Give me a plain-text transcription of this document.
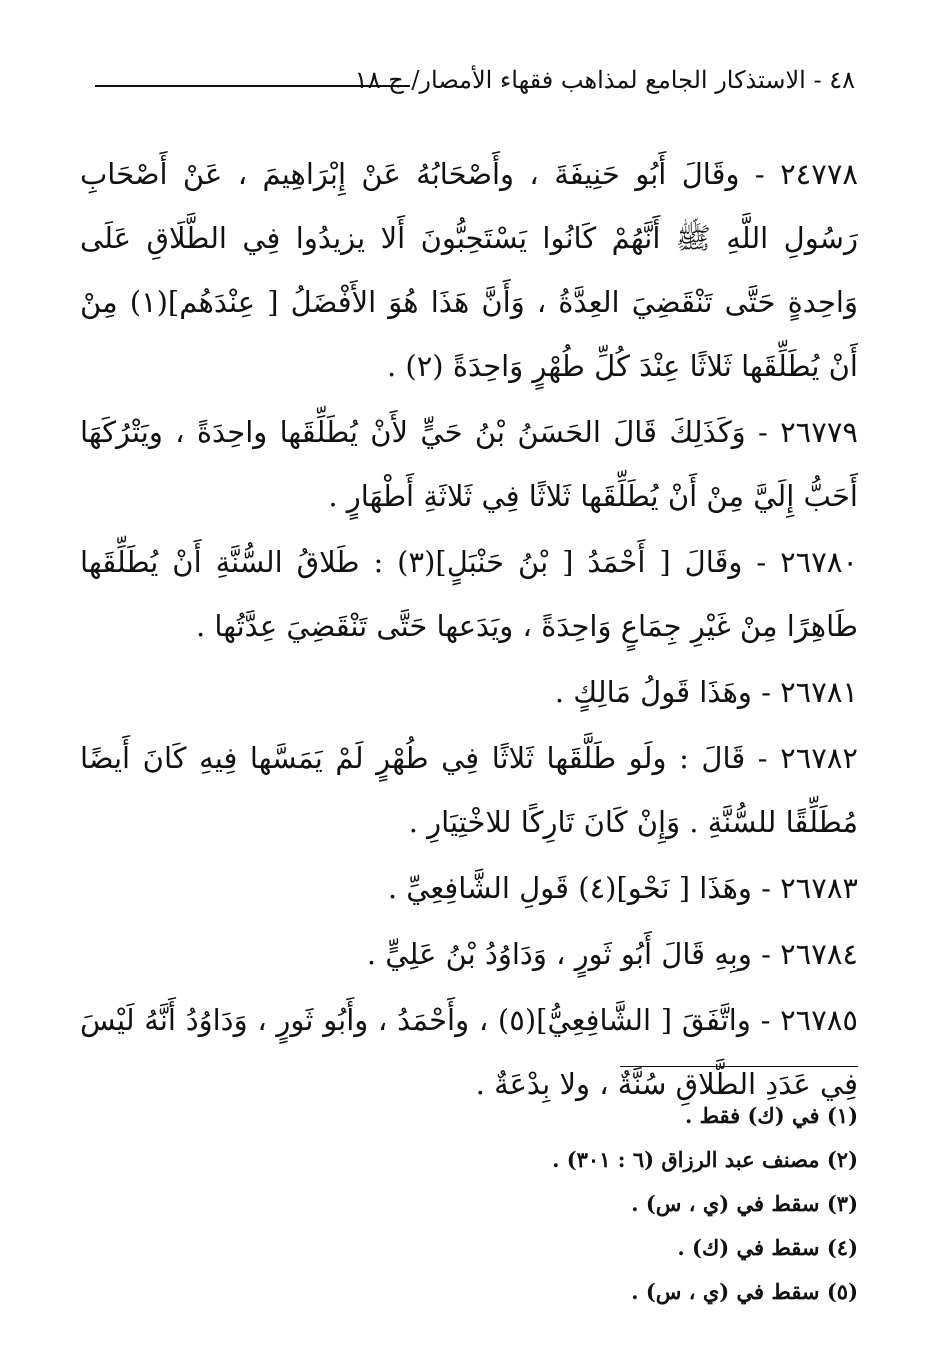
٤٨ - الاستذكار الجامع لمذاهب فقهاء الأمصار/ ج ١٨

٢٤٧٧٨ - وقَالَ أَبُو حَنِيفَةَ ، وأَصْحَابُهُ عَنْ إِبْرَاهِيمَ ، عَنْ أَصْحَابِ رَسُولِ اللَّهِ ﷺ أَنَّهُمْ كَانُوا يَسْتَحِبُّونَ أَلا يزيدُوا فِي الطَّلَاقِ عَلَى وَاحِدةٍ حَتَّى تَنْقَضِيَ العِدَّةُ ، وَأَنَّ هَذَا هُوَ الأَفْضَلُ [ عِنْدَهُم](١) مِنْ أَنْ يُطَلِّقَها ثَلاثًا عِنْدَ كُلِّ طُهْرٍ وَاحِدَةً (٢) .

٢٦٧٧٩ - وَكَذَلِكَ قَالَ الحَسَنُ بْنُ حَيٍّ لأَنْ يُطَلِّقَها واحِدَةً ، ويَتْرُكَهَا أَحَبُّ إِلَيَّ مِنْ أَنْ يُطَلِّقَها ثَلاثًا فِي ثَلاثَةِ أَطْهَارٍ .

٢٦٧٨٠ - وقَالَ [ أَحْمَدُ [ بْنُ حَنْبَلٍ](٣) : طَلاقُ السُّنَّةِ أَنْ يُطَلِّقَها طَاهِرًا مِنْ غَيْرِ جِمَاعٍ وَاحِدَةً ، ويَدَعها حَتَّى تَنْقَضِيَ عِدَّتُها .

٢٦٧٨١ - وهَذَا قَولُ مَالِكٍ .

٢٦٧٨٢ - قَالَ : ولَو طَلَّقَها ثَلاثًا فِي طُهْرٍ لَمْ يَمَسَّها فِيهِ كَانَ أَيضًا مُطَلِّقًا للسُّنَّةِ . وَإِنْ كَانَ تَارِكًا للاخْتِيَارِ .

٢٦٧٨٣ - وهَذَا [ نَحْو](٤) قَولِ الشَّافِعِيِّ .

٢٦٧٨٤ - وبِهِ قَالَ أَبُو ثَورٍ ، وَدَاوُدُ بْنُ عَلِيٍّ .

٢٦٧٨٥ - واتَّفَقَ [ الشَّافِعِيُّ](٥) ، وأَحْمَدُ ، وأَبُو ثَورٍ ، وَدَاوُدُ أَنَّهُ لَيْسَ فِي عَدَدِ الطَّلاقِ سُنَّةٌ ، ولا بِدْعَةٌ .

(١) في (ك) فقط .

(٢) مصنف عبد الرزاق (٦ : ٣٠١) .

(٣) سقط في (ي ، س) .

(٤) سقط في (ك) .

(٥) سقط في (ي ، س) .
